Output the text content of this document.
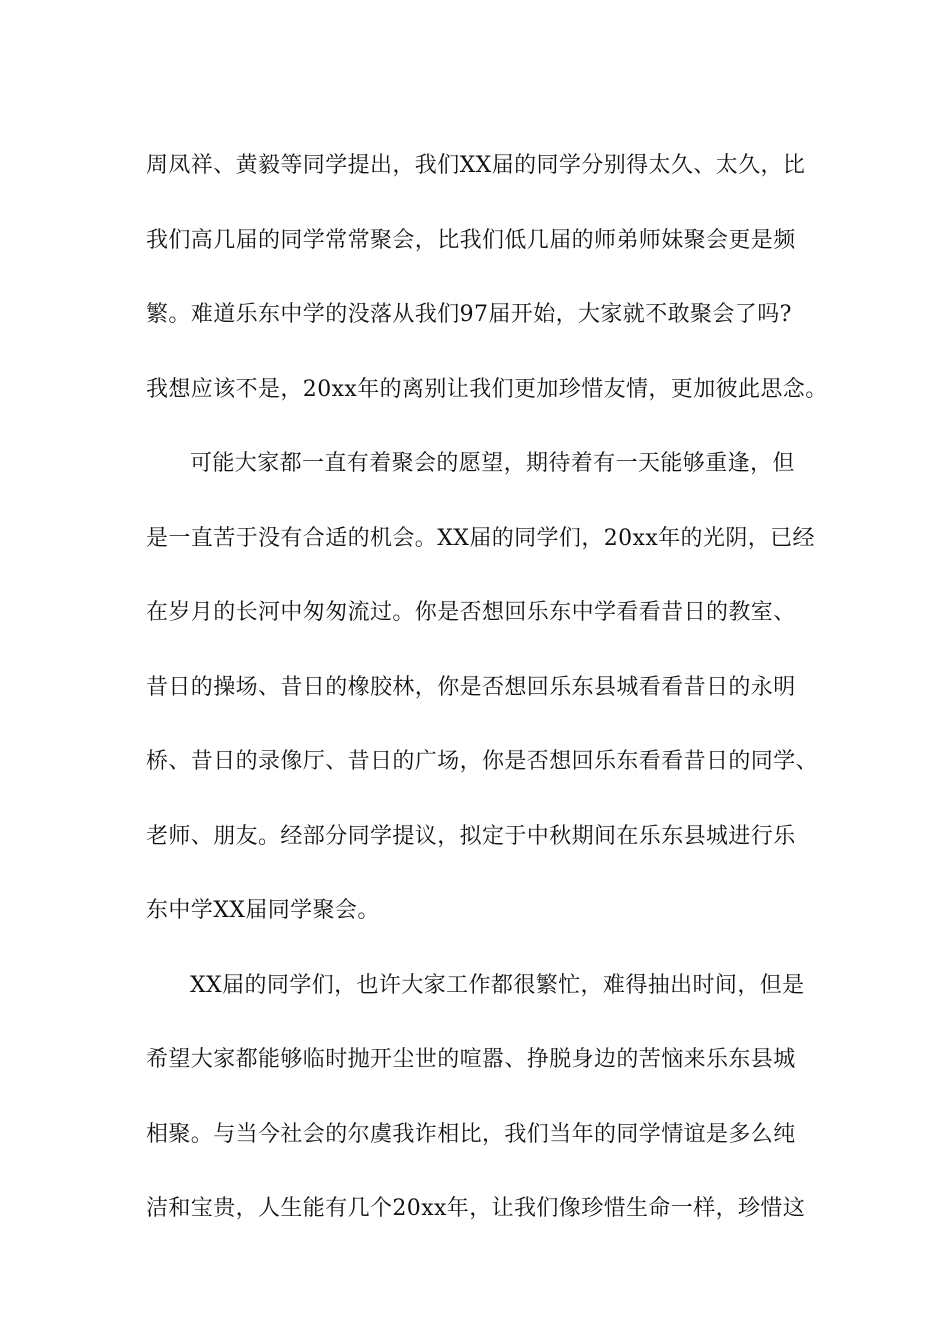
周凤祥、黄毅等同学提出，我们XX届的同学分别得太久、太久，比
我们高几届的同学常常聚会，比我们低几届的师弟师妹聚会更是频
繁。难道乐东中学的没落从我们97届开始，大家就不敢聚会了吗?
我想应该不是，20xx年的离别让我们更加珍惜友情，更加彼此思念。
可能大家都一直有着聚会的愿望，期待着有一天能够重逢，但
是一直苦于没有合适的机会。XX届的同学们，20xx年的光阴，已经
在岁月的长河中匆匆流过。你是否想回乐东中学看看昔日的教室、
昔日的操场、昔日的橡胶林，你是否想回乐东县城看看昔日的永明
桥、昔日的录像厅、昔日的广场，你是否想回乐东看看昔日的同学、
老师、朋友。经部分同学提议，拟定于中秋期间在乐东县城进行乐
东中学XX届同学聚会。
XX届的同学们，也许大家工作都很繁忙，难得抽出时间，但是
希望大家都能够临时抛开尘世的喧嚣、挣脱身边的苦恼来乐东县城
相聚。与当今社会的尔虞我诈相比，我们当年的同学情谊是多么纯
洁和宝贵，人生能有几个20xx年，让我们像珍惜生命一样，珍惜这
